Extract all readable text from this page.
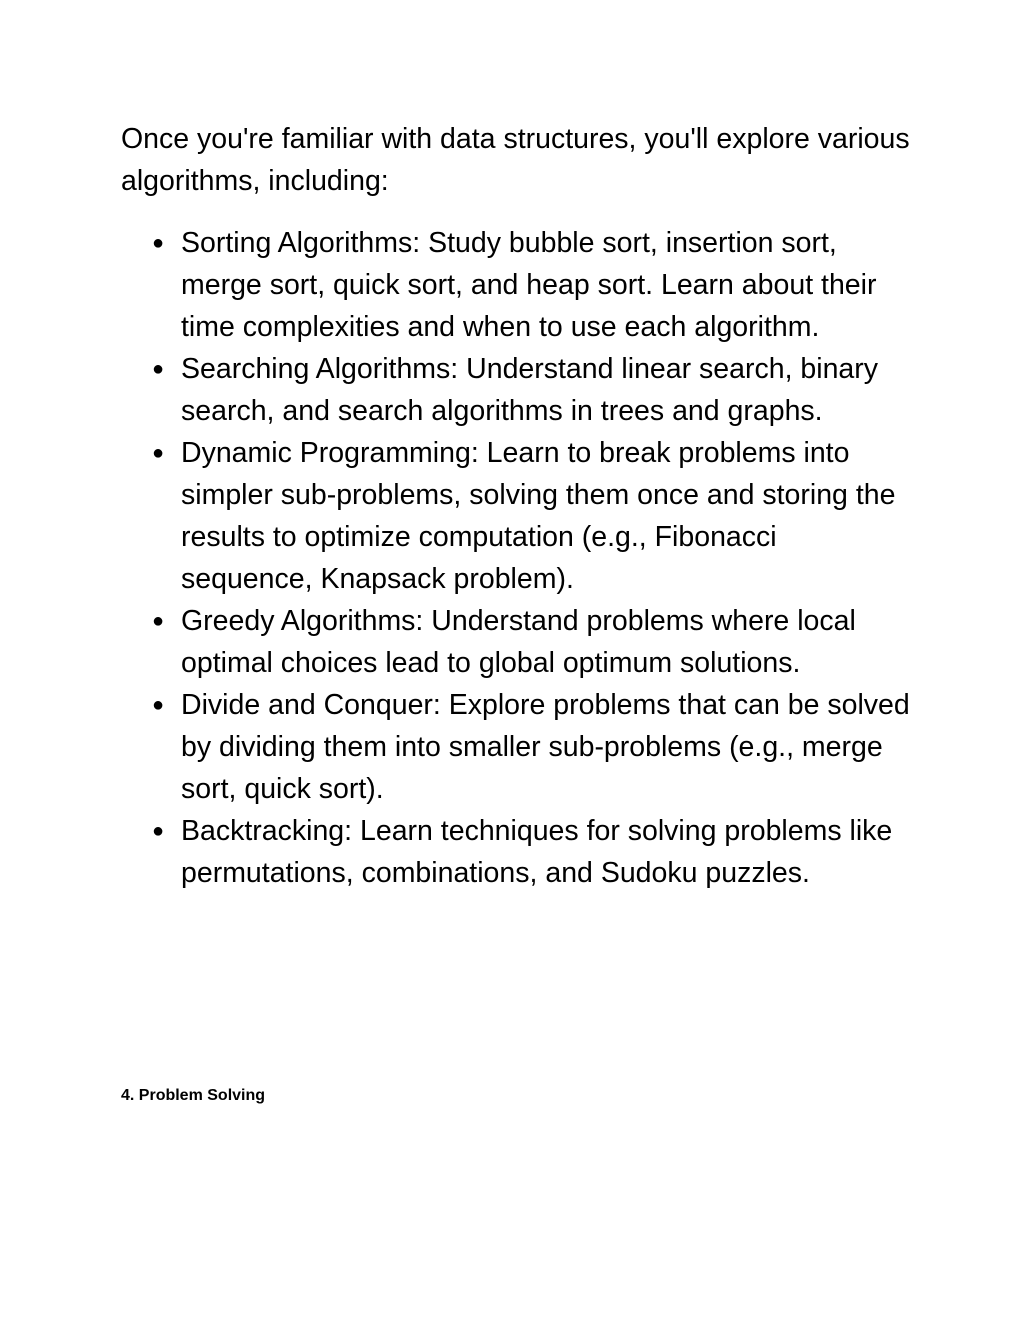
Once you're familiar with data structures, you'll explore various algorithms, including:

● Sorting Algorithms: Study bubble sort, insertion sort, merge sort, quick sort, and heap sort. Learn about their time complexities and when to use each algorithm.
● Searching Algorithms: Understand linear search, binary search, and search algorithms in trees and graphs.
● Dynamic Programming: Learn to break problems into simpler sub-problems, solving them once and storing the results to optimize computation (e.g., Fibonacci sequence, Knapsack problem).
● Greedy Algorithms: Understand problems where local optimal choices lead to global optimum solutions.
● Divide and Conquer: Explore problems that can be solved by dividing them into smaller sub-problems (e.g., merge sort, quick sort).
● Backtracking: Learn techniques for solving problems like permutations, combinations, and Sudoku puzzles.
4. Problem Solving
